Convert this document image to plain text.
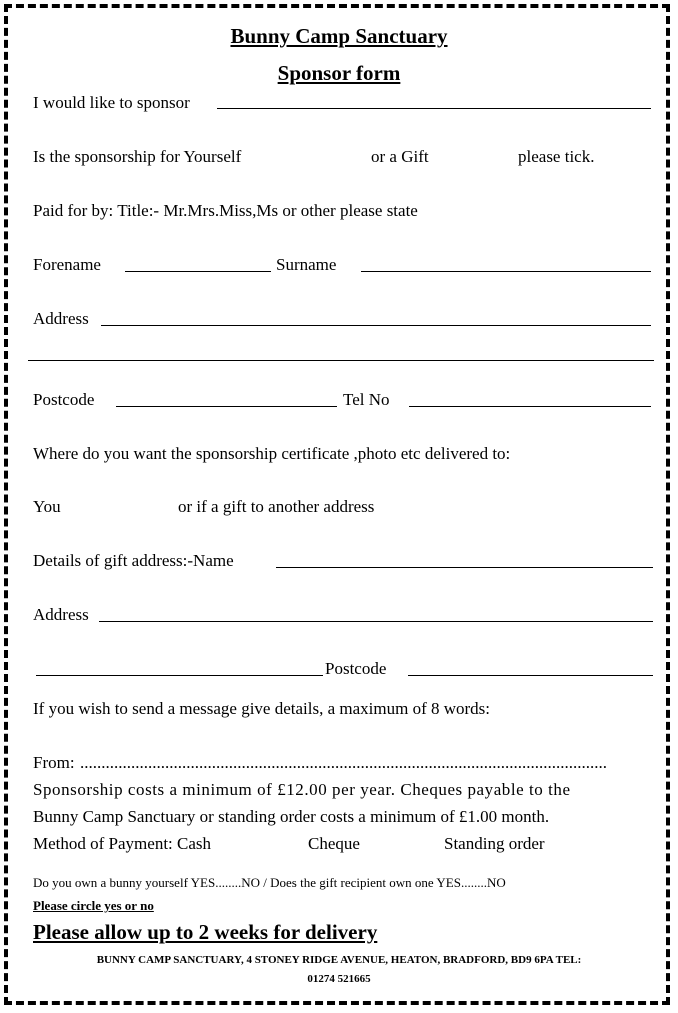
Bunny Camp Sanctuary
Sponsor form
I would like to sponsor
Is the sponsorship for Yourself	or a Gift	please tick.
Paid for by: Title:- Mr.Mrs.Miss,Ms or other please state
Forename	Surname
Address
Postcode	Tel No
Where do you want the sponsorship certificate ,photo etc delivered to:
You	or if a gift to another address
Details of gift address:-Name
Address
Postcode
If you wish to send a message give details, a maximum of 8 words:
From: ............................................................................................................................
Sponsorship costs a minimum of £12.00 per year. Cheques payable to the
Bunny Camp Sanctuary or standing order costs a minimum of £1.00 month.
Method of Payment: Cash	Cheque	Standing order
Do you own a bunny yourself YES........NO / Does the gift recipient own one YES........NO
Please circle yes or no
Please allow up to 2 weeks for delivery
BUNNY CAMP SANCTUARY, 4 STONEY RIDGE AVENUE, HEATON, BRADFORD, BD9 6PA TEL:
01274 521665
